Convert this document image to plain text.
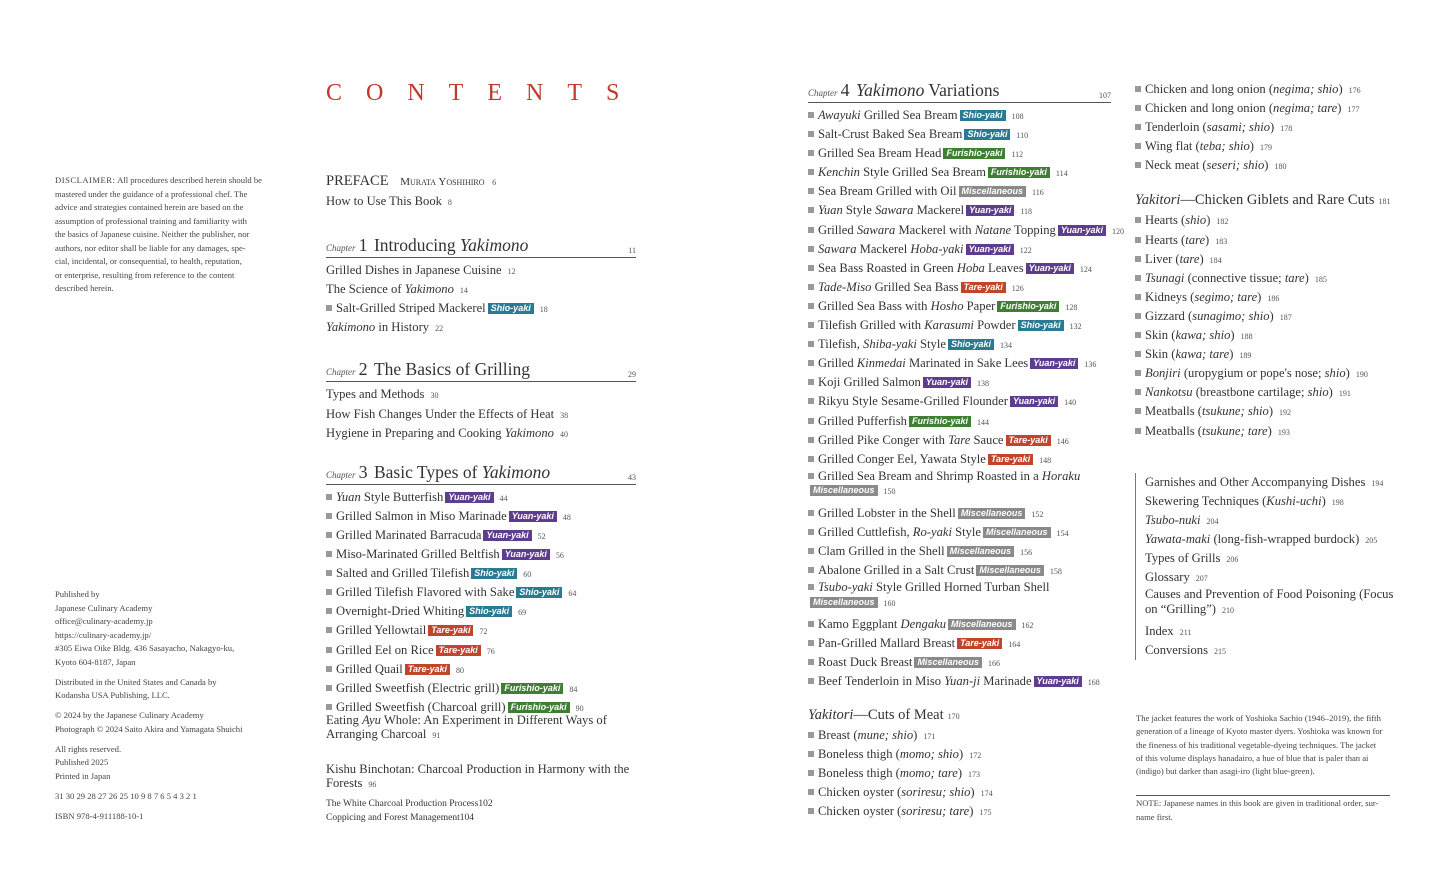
DISCLAIMER: All procedures described herein should be
mastered under the guidance of a professional chef. The
advice and strategies contained herein are based on the
assumption of professional training and familiarity with
the basics of Japanese cuisine. Neither the publisher, nor
authors, nor editor shall be liable for any damages, spe-
cial, incidental, or consequential, to health, reputation,
or enterprise, resulting from reference to the content
described herein.

Published by
Japanese Culinary Academy
office@culinary-academy.jp
https://culinary-academy.jp/
#305 Eiwa Oike Bldg. 436 Sasayacho, Nakagyo-ku,
Kyoto 604-8187, Japan
Distributed in the United States and Canada by
Kodansha USA Publishing, LLC.
© 2024 by the Japanese Culinary Academy
Photograph © 2024 Saito Akira and Yamagata Shuichi
All rights reserved.
Published 2025
Printed in Japan
31 30 29 28 27 26 25 10 9 8 7 6 5 4 3 2 1
ISBN 978-4-911188-10-1
CONTENTS
PREFACE Murata Yoshihiro 6
How to Use This Book 8
Chapter 1 Introducing Yakimono	11
Grilled Dishes in Japanese Cuisine 12
The Science of Yakimono 14
Salt-Grilled Striped Mackerel Shio-yaki 18
Yakimono in History 22
Chapter 2 The Basics of Grilling	29
Types and Methods 30
How Fish Changes Under the Effects of Heat 38
Hygiene in Preparing and Cooking Yakimono 40
Chapter 3 Basic Types of Yakimono	43
Yuan Style Butterfish Yuan-yaki 44
Grilled Salmon in Miso Marinade Yuan-yaki 48
Grilled Marinated Barracuda Yuan-yaki 52
Miso-Marinated Grilled Beltfish Yuan-yaki 56
Salted and Grilled Tilefish Shio-yaki 60
Grilled Tilefish Flavored with Sake Shio-yaki 64
Overnight-Dried Whiting Shio-yaki 69
Grilled Yellowtail Tare-yaki 72
Grilled Eel on Rice Tare-yaki 76
Grilled Quail Tare-yaki 80
Grilled Sweetfish (Electric grill) Furishio-yaki 84
Grilled Sweetfish (Charcoal grill) Furishio-yaki 90
Eating Ayu Whole: An Experiment in Different Ways of Arranging Charcoal 91
Kishu Binchotan: Charcoal Production in Harmony with the Forests 96
The White Charcoal Production Process102
Coppicing and Forest Management104
Chapter 4 Yakimono Variations	107
Awayuki Grilled Sea Bream Shio-yaki 108
Salt-Crust Baked Sea Bream Shio-yaki 110
Grilled Sea Bream Head Furishio-yaki 112
Kenchin Style Grilled Sea Bream Furishio-yaki 114
Sea Bream Grilled with Oil Miscellaneous 116
Yuan Style Sawara Mackerel Yuan-yaki 118
Grilled Sawara Mackerel with Natane Topping Yuan-yaki 120
Sawara Mackerel Hoba-yaki Yuan-yaki 122
Sea Bass Roasted in Green Hoba Leaves Yuan-yaki 124
Tade-Miso Grilled Sea Bass Tare-yaki 126
Grilled Sea Bass with Hosho Paper Furishio-yaki 128
Tilefish Grilled with Karasumi Powder Shio-yaki 132
Tilefish, Shiba-yaki Style Shio-yaki 134
Grilled Kinmedai Marinated in Sake Lees Yuan-yaki 136
Koji Grilled Salmon Yuan-yaki 138
Rikyu Style Sesame-Grilled Flounder Yuan-yaki 140
Grilled Pufferfish Furishio-yaki 144
Grilled Pike Conger with Tare Sauce Tare-yaki 146
Grilled Conger Eel, Yawata Style Tare-yaki 148
Grilled Sea Bream and Shrimp Roasted in a Horaku
Miscellaneous 150
Grilled Lobster in the Shell Miscellaneous 152
Grilled Cuttlefish, Ro-yaki Style Miscellaneous 154
Clam Grilled in the Shell Miscellaneous 156
Abalone Grilled in a Salt Crust Miscellaneous 158
Tsubo-yaki Style Grilled Horned Turban Shell
Miscellaneous 160
Kamo Eggplant Dengaku Miscellaneous 162
Pan-Grilled Mallard Breast Tare-yaki 164
Roast Duck Breast Miscellaneous 166
Beef Tenderloin in Miso Yuan-ji Marinade Yuan-yaki 168
Yakitori—Cuts of Meat 170
Breast (mune; shio) 171
Boneless thigh (momo; shio) 172
Boneless thigh (momo; tare) 173
Chicken oyster (soriresu; shio) 174
Chicken oyster (soriresu; tare) 175
Chicken and long onion (negima; shio) 176
Chicken and long onion (negima; tare) 177
Tenderloin (sasami; shio) 178
Wing flat (teba; shio) 179
Neck meat (seseri; shio) 180
Yakitori—Chicken Giblets and Rare Cuts 181
Hearts (shio) 182
Hearts (tare) 183
Liver (tare) 184
Tsunagi (connective tissue; tare) 185
Kidneys (segimo; tare) 186
Gizzard (sunagimo; shio) 187
Skin (kawa; shio) 188
Skin (kawa; tare) 189
Bonjiri (uropygium or pope's nose; shio) 190
Nankotsu (breastbone cartilage; shio) 191
Meatballs (tsukune; shio) 192
Meatballs (tsukune; tare) 193
Garnishes and Other Accompanying Dishes 194
Skewering Techniques (Kushi-uchi) 198
Tsubo-nuki 204
Yawata-maki (long-fish-wrapped burdock) 205
Types of Grills 206
Glossary 207
Causes and Prevention of Food Poisoning (Focus on “Grilling”) 210
Index 211
Conversions 215
The jacket features the work of Yoshioka Sachio (1946–2019), the fifth
generation of a lineage of Kyoto master dyers. Yoshioka was known for
the fineness of his traditional vegetable-dyeing techniques. The jacket
of this volume displays hanadairo, a hue of blue that is paler than ai
(indigo) but darker than asagi-iro (light blue-green).
NOTE: Japanese names in this book are given in traditional order, sur-
name first.
